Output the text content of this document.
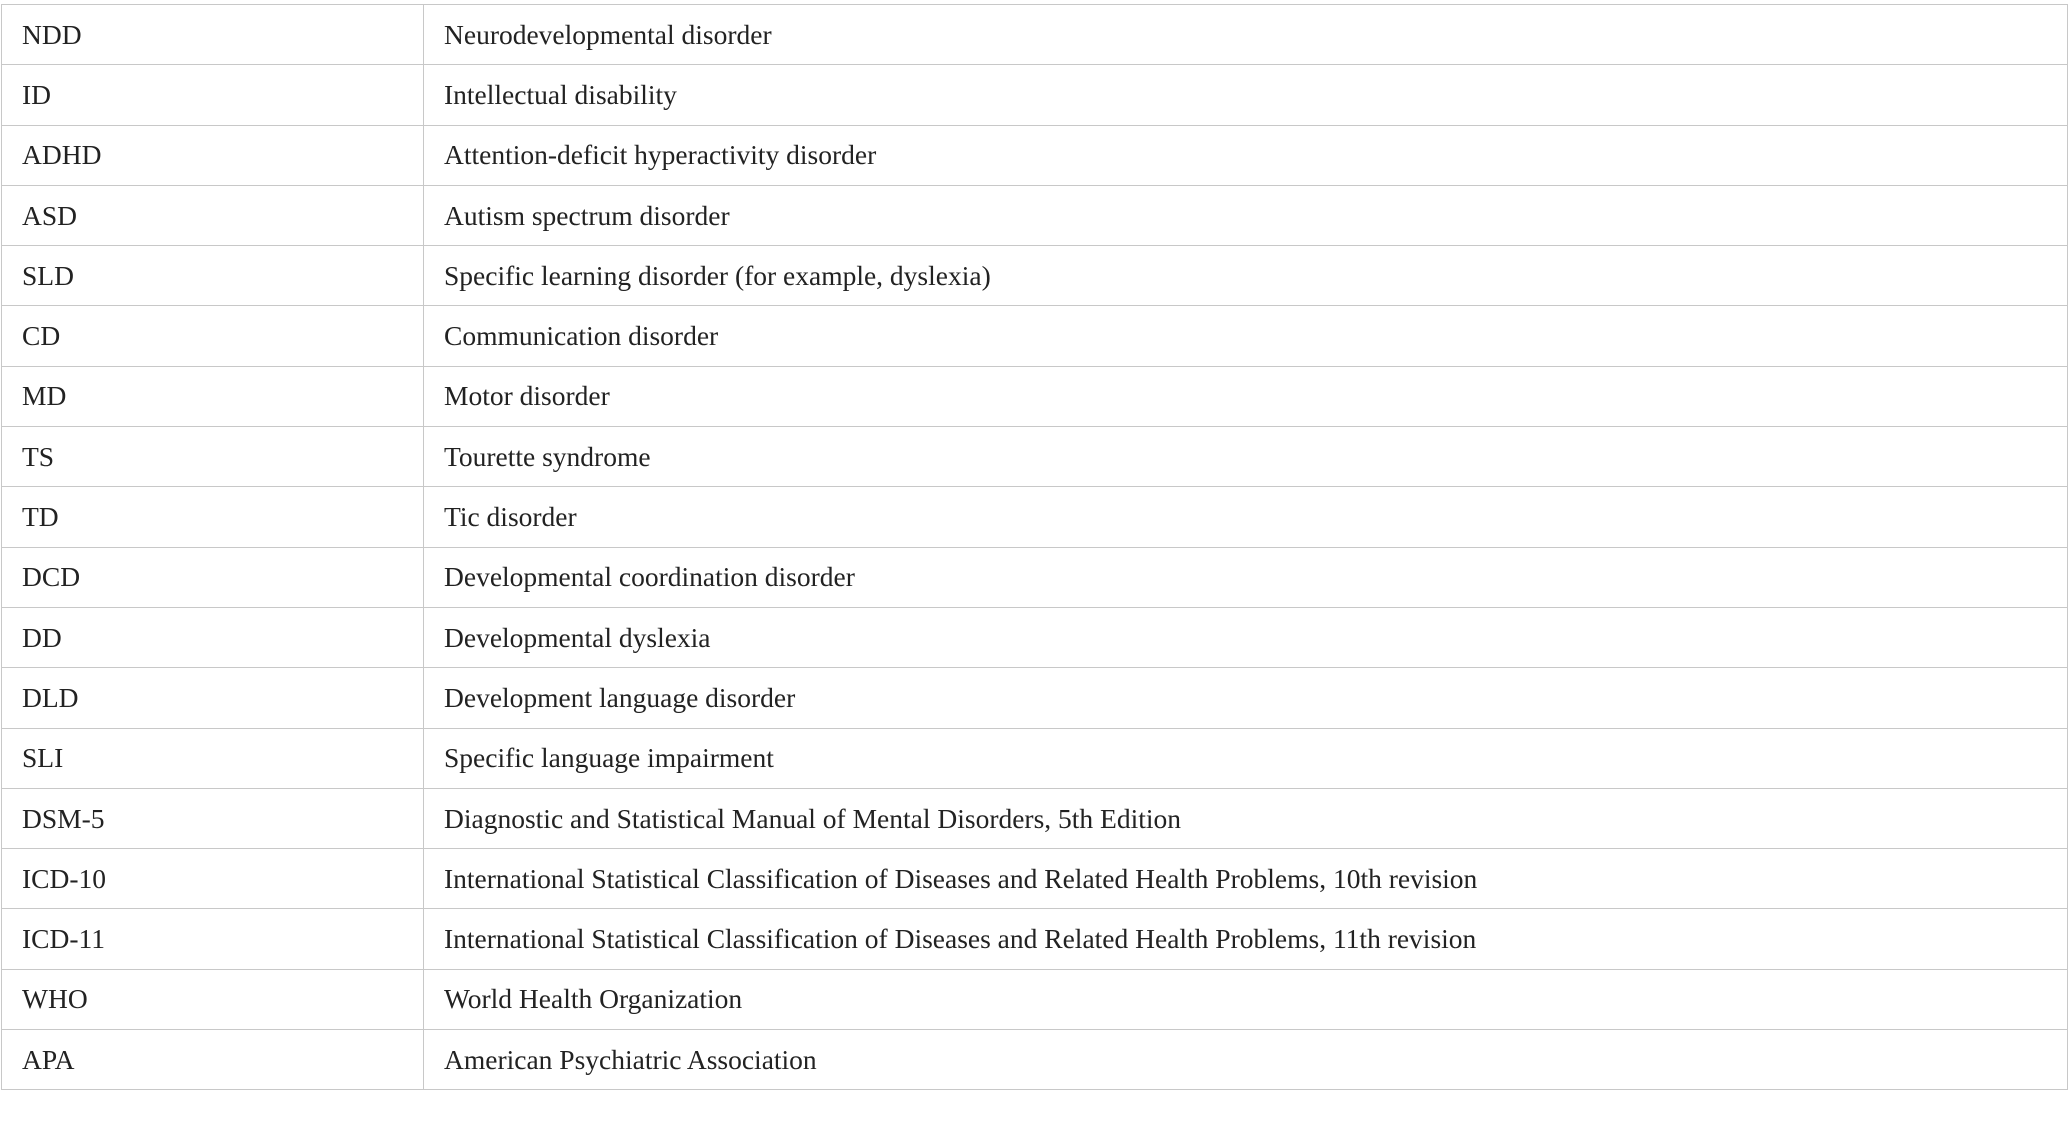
NDD	Neurodevelopmental disorder
ID	Intellectual disability
ADHD	Attention-deficit hyperactivity disorder
ASD	Autism spectrum disorder
SLD	Specific learning disorder (for example, dyslexia)
CD	Communication disorder
MD	Motor disorder
TS	Tourette syndrome
TD	Tic disorder
DCD	Developmental coordination disorder
DD	Developmental dyslexia
DLD	Development language disorder
SLI	Specific language impairment
DSM-5	Diagnostic and Statistical Manual of Mental Disorders, 5th Edition
ICD-10	International Statistical Classification of Diseases and Related Health Problems, 10th revision
ICD-11	International Statistical Classification of Diseases and Related Health Problems, 11th revision
WHO	World Health Organization
APA	American Psychiatric Association
